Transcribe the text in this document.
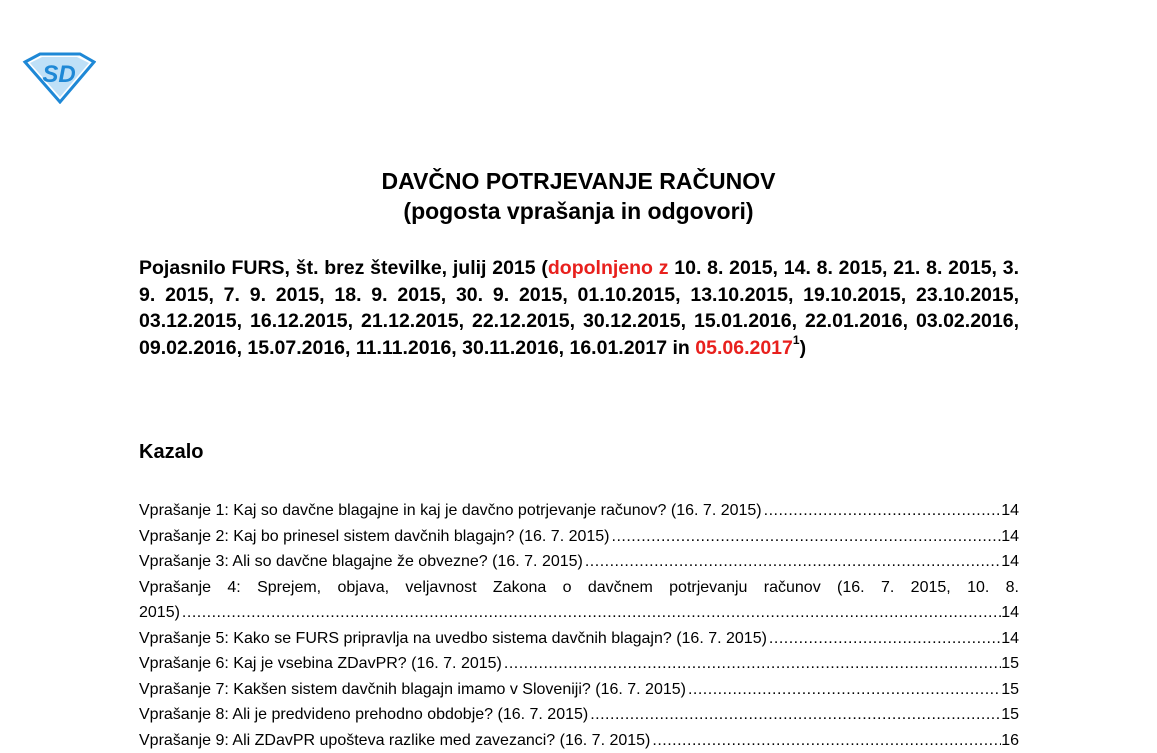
SD
DAVČNO POTRJEVANJE RAČUNOV
(pogosta vprašanja in odgovori)
Pojasnilo FURS, št. brez številke, julij 2015 (dopolnjeno z 10. 8. 2015, 14. 8. 2015, 21. 8. 2015, 3. 9. 2015, 7. 9. 2015, 18. 9. 2015, 30. 9. 2015, 01.10.2015, 13.10.2015, 19.10.2015, 23.10.2015, 03.12.2015, 16.12.2015, 21.12.2015, 22.12.2015, 30.12.2015, 15.01.2016, 22.01.2016, 03.02.2016, 09.02.2016, 15.07.2016, 11.11.2016, 30.11.2016, 16.01.2017 in 05.06.2017$^1$)
Kazalo
Vprašanje 1: Kaj so davčne blagajne in kaj je davčno potrjevanje računov? (16. 7. 2015) .....	14
Vprašanje 2: Kaj bo prinesel sistem davčnih blagajn? (16. 7. 2015) .....	14
Vprašanje 3: Ali so davčne blagajne že obvezne? (16. 7. 2015) .....	14
Vprašanje 4: Sprejem, objava, veljavnost Zakona o davčnem potrjevanju računov (16. 7. 2015, 10. 8.
2015) .....	14
Vprašanje 5: Kako se FURS pripravlja na uvedbo sistema davčnih blagajn? (16. 7. 2015) .....	14
Vprašanje 6: Kaj je vsebina ZDavPR? (16. 7. 2015) .....	15
Vprašanje 7: Kakšen sistem davčnih blagajn imamo v Sloveniji? (16. 7. 2015) .....	15
Vprašanje 8: Ali je predvideno prehodno obdobje? (16. 7. 2015) .....	15
Vprašanje 9: Ali ZDavPR upošteva razlike med zavezanci? (16. 7. 2015) .....	16
